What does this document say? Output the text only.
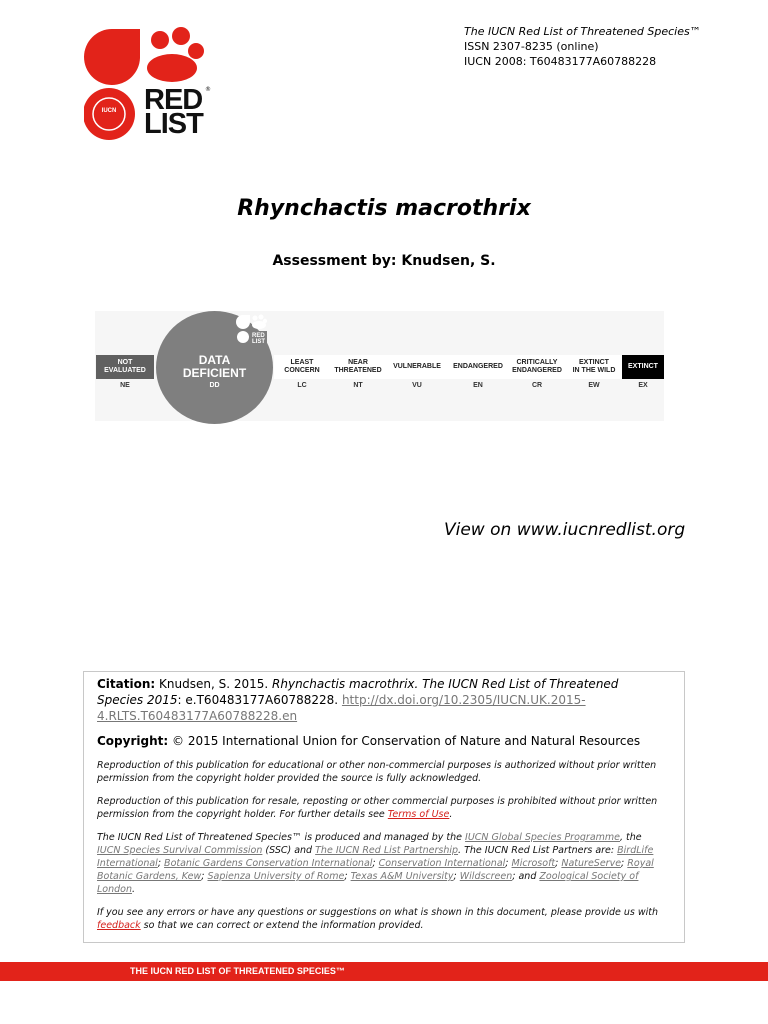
The IUCN Red List of Threatened Species™
ISSN 2307-8235 (online)
IUCN 2008: T60483177A60788228
IUCN RED
LIST
®
Rhynchactis macrothrix
Assessment by: Knudsen, S.
NOT
EVALUATED
NE
LEAST
CONCERN
LC
NEAR
THREATENED
NT
VULNERABLE
VU
ENDANGERED
EN
CRITICALLY
ENDANGERED
CR
EXTINCT
IN THE WILD
EW
EXTINCT
EX
DATA
DEFICIENT
DD
RED
LIST
View on www.iucnredlist.org

Citation: Knudsen, S. 2015. Rhynchactis macrothrix. The IUCN Red List of Threatened Species 2015: e.T60483177A60788228. http://dx.doi.org/10.2305/IUCN.UK.2015-4.RLTS.T60483177A60788228.en

Copyright: © 2015 International Union for Conservation of Nature and Natural Resources

Reproduction of this publication for educational or other non-commercial purposes is authorized without prior written permission from the copyright holder provided the source is fully acknowledged.

Reproduction of this publication for resale, reposting or other commercial purposes is prohibited without prior written permission from the copyright holder. For further details see Terms of Use.

The IUCN Red List of Threatened Species™ is produced and managed by the IUCN Global Species Programme, the IUCN Species Survival Commission (SSC) and The IUCN Red List Partnership. The IUCN Red List Partners are: BirdLife International; Botanic Gardens Conservation International; Conservation International; Microsoft; NatureServe; Royal Botanic Gardens, Kew; Sapienza University of Rome; Texas A&M University; Wildscreen; and Zoological Society of London.

If you see any errors or have any questions or suggestions on what is shown in this document, please provide us with feedback so that we can correct or extend the information provided.

THE IUCN RED LIST OF THREATENED SPECIES™
